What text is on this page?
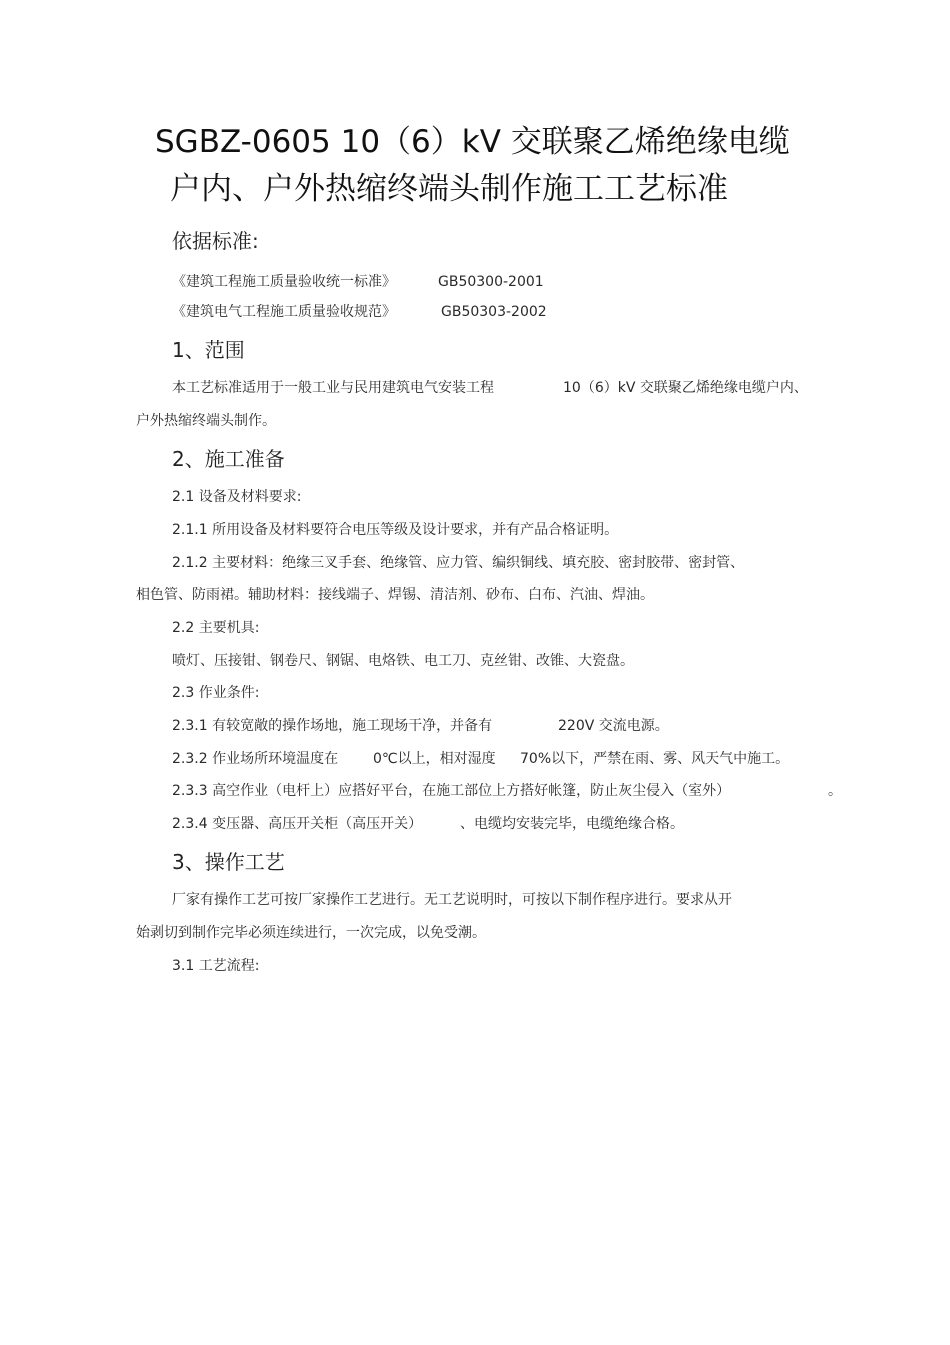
SGBZ-0605 10（6）kV 交联聚乙烯绝缘电缆
户内、户外热缩终端头制作施工工艺标准
依据标准:
《建筑工程施工质量验收统一标准》	GB50300-2001
《建筑电气工程施工质量验收规范》	GB50303-2002
1、范围
本工艺标准适用于一般工业与民用建筑电气安装工程	10（6）kV 交联聚乙烯绝缘电缆户内、
户外热缩终端头制作。
2、施工准备
2.1 设备及材料要求:
2.1.1 所用设备及材料要符合电压等级及设计要求，并有产品合格证明。
2.1.2 主要材料：绝缘三叉手套、绝缘管、应力管、编织铜线、填充胶、密封胶带、密封管、
相色管、防雨裙。辅助材料：接线端子、焊锡、清洁剂、砂布、白布、汽油、焊油。
2.2 主要机具:
喷灯、压接钳、钢卷尺、钢锯、电烙铁、电工刀、克丝钳、改锥、大瓷盘。
2.3 作业条件:
2.3.1 有较宽敞的操作场地，施工现场干净，并备有	220V 交流电源。
2.3.2 作业场所环境温度在 0℃以上，相对湿度 70%以下，严禁在雨、雾、风天气中施工。
2.3.3 高空作业（电杆上）应搭好平台，在施工部位上方搭好帐篷，防止灰尘侵入（室外）	。
2.3.4 变压器、高压开关柜（高压开关）	、电缆均安装完毕，电缆绝缘合格。
3、操作工艺
厂家有操作工艺可按厂家操作工艺进行。无工艺说明时，可按以下制作程序进行。要求从开
始剥切到制作完毕必须连续进行，一次完成，以免受潮。
3.1 工艺流程:
